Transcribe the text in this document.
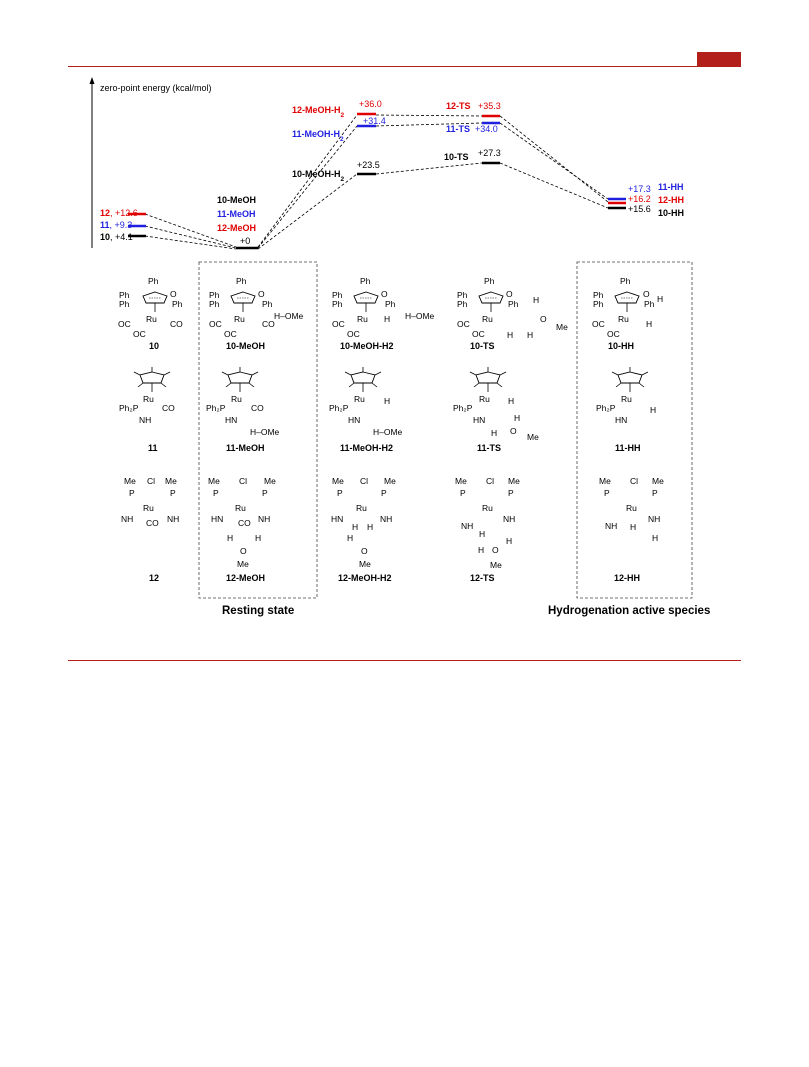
zero-point energy (kcal/mol)
12, +12.6
11, +9.3
10, +4.1
10-MeOH
11-MeOH
12-MeOH
+0
$12-MeOH-H_2$
+36.0
$11-MeOH-H_2$
+31.4
$10-MeOH-H_2$
+23.5
12-TS +35.3
11-TS +34.0
10-TS +27.3
+17.3 11-HH
+16.2 12-HH
+15.6 10-HH
Ph
Ph
Ph	Ph
O
Ru
OC	CO
OC
10
Ph
Ph
Ph	Ph
O
Ru	H–OMe
OC	CO
OC
10-MeOH
Ph
Ph
Ph	Ph
O
Ru H H–OMe
OC
OC
10-MeOH-H2
Ph
Ph
Ph	Ph
O
H
Ru	O
Me
OC
H H
OC
10-TS
Ph
Ph
Ph	Ph
O H
Ru H
OC
OC
10-HH
Ru
Ph₂P	CO
NH
11
Ru
Ph₂P	CO
HN
H–OMe
11-MeOH
Ru H
Ph₂P
HN
H–OMe
11-MeOH-H2
Ru H
Ph₂P
H
HN
H O
Me
11-TS
Ru
Ph₂P	H
HN
11-HH
Me	Me
Cl
P	P
Ru
NH	NH
CO
12
Me	Me
Cl
P	P
Ru
HN	NH
CO
H	H
O
Me
12-MeOH
Me	Me
Cl
P	P
Ru
HN	NH
H H
H
O
Me
12-MeOH-H2
Me	Me
Cl
P	P
Ru
NH
NH
H
H
H O
Me
12-TS
Me	Me
Cl
P	P
Ru
NH
NH H
H
12-HH
Resting state	Hydrogenation active species
